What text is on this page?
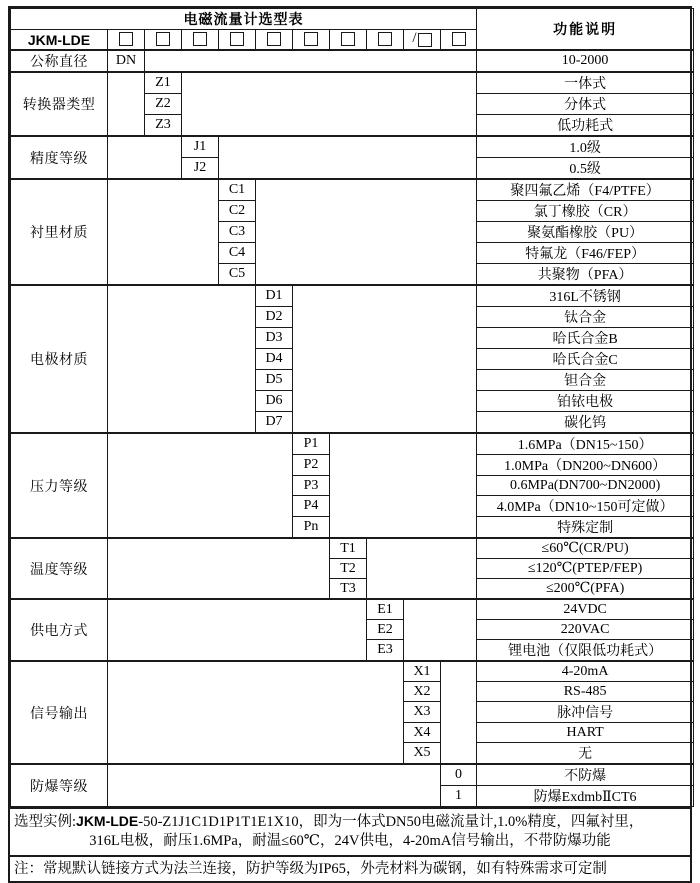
电磁流量计选型表											功能说明
JKM-LDE									/		
公称直径	DN										10-2000
转换器类型		Z1									一体式
		Z2									分体式
		Z3									低功耗式
精度等级			J1								1.0级
			J2								0.5级
衬里材质				C1							聚四氟乙烯（F4/PTFE）
				C2							氯丁橡胶（CR）
				C3							聚氨酯橡胶（PU）
				C4							特氟龙（F46/FEP）
				C5							共聚物（PFA）
电极材质					D1						316L不锈钢
					D2						钛合金
					D3						哈氏合金B
					D4						哈氏合金C
					D5						钽合金
					D6						铂铱电极
					D7						碳化钨
压力等级						P1					1.6MPa（DN15~150）
						P2					1.0MPa（DN200~DN600）
						P3					0.6MPa(DN700~DN2000)
						P4					4.0MPa（DN10~150可定做）
						Pn					特殊定制
温度等级							T1				≤60℃(CR/PU)
							T2				≤120℃(PTEP/FEP)
							T3				≤200℃(PFA)
供电方式								E1			24VDC
								E2			220VAC
								E3			锂电池（仅限低功耗式）
信号输出									X1		4-20mA
									X2		RS-485
									X3		脉冲信号
									X4		HART
									X5		无
防爆等级										0	不防爆
										1	防爆ExdmbⅡCT6
选型实例:JKM-LDE-50-Z1J1C1D1P1T1E1X10，即为一体式DN50电磁流量计,1.0%精度，四氟衬里，
316L电极，耐压1.6MPa，耐温≤60℃，24V供电，4-20mA信号输出，不带防爆功能
注：常规默认链接方式为法兰连接，防护等级为IP65，外壳材料为碳钢，如有特殊需求可定制
